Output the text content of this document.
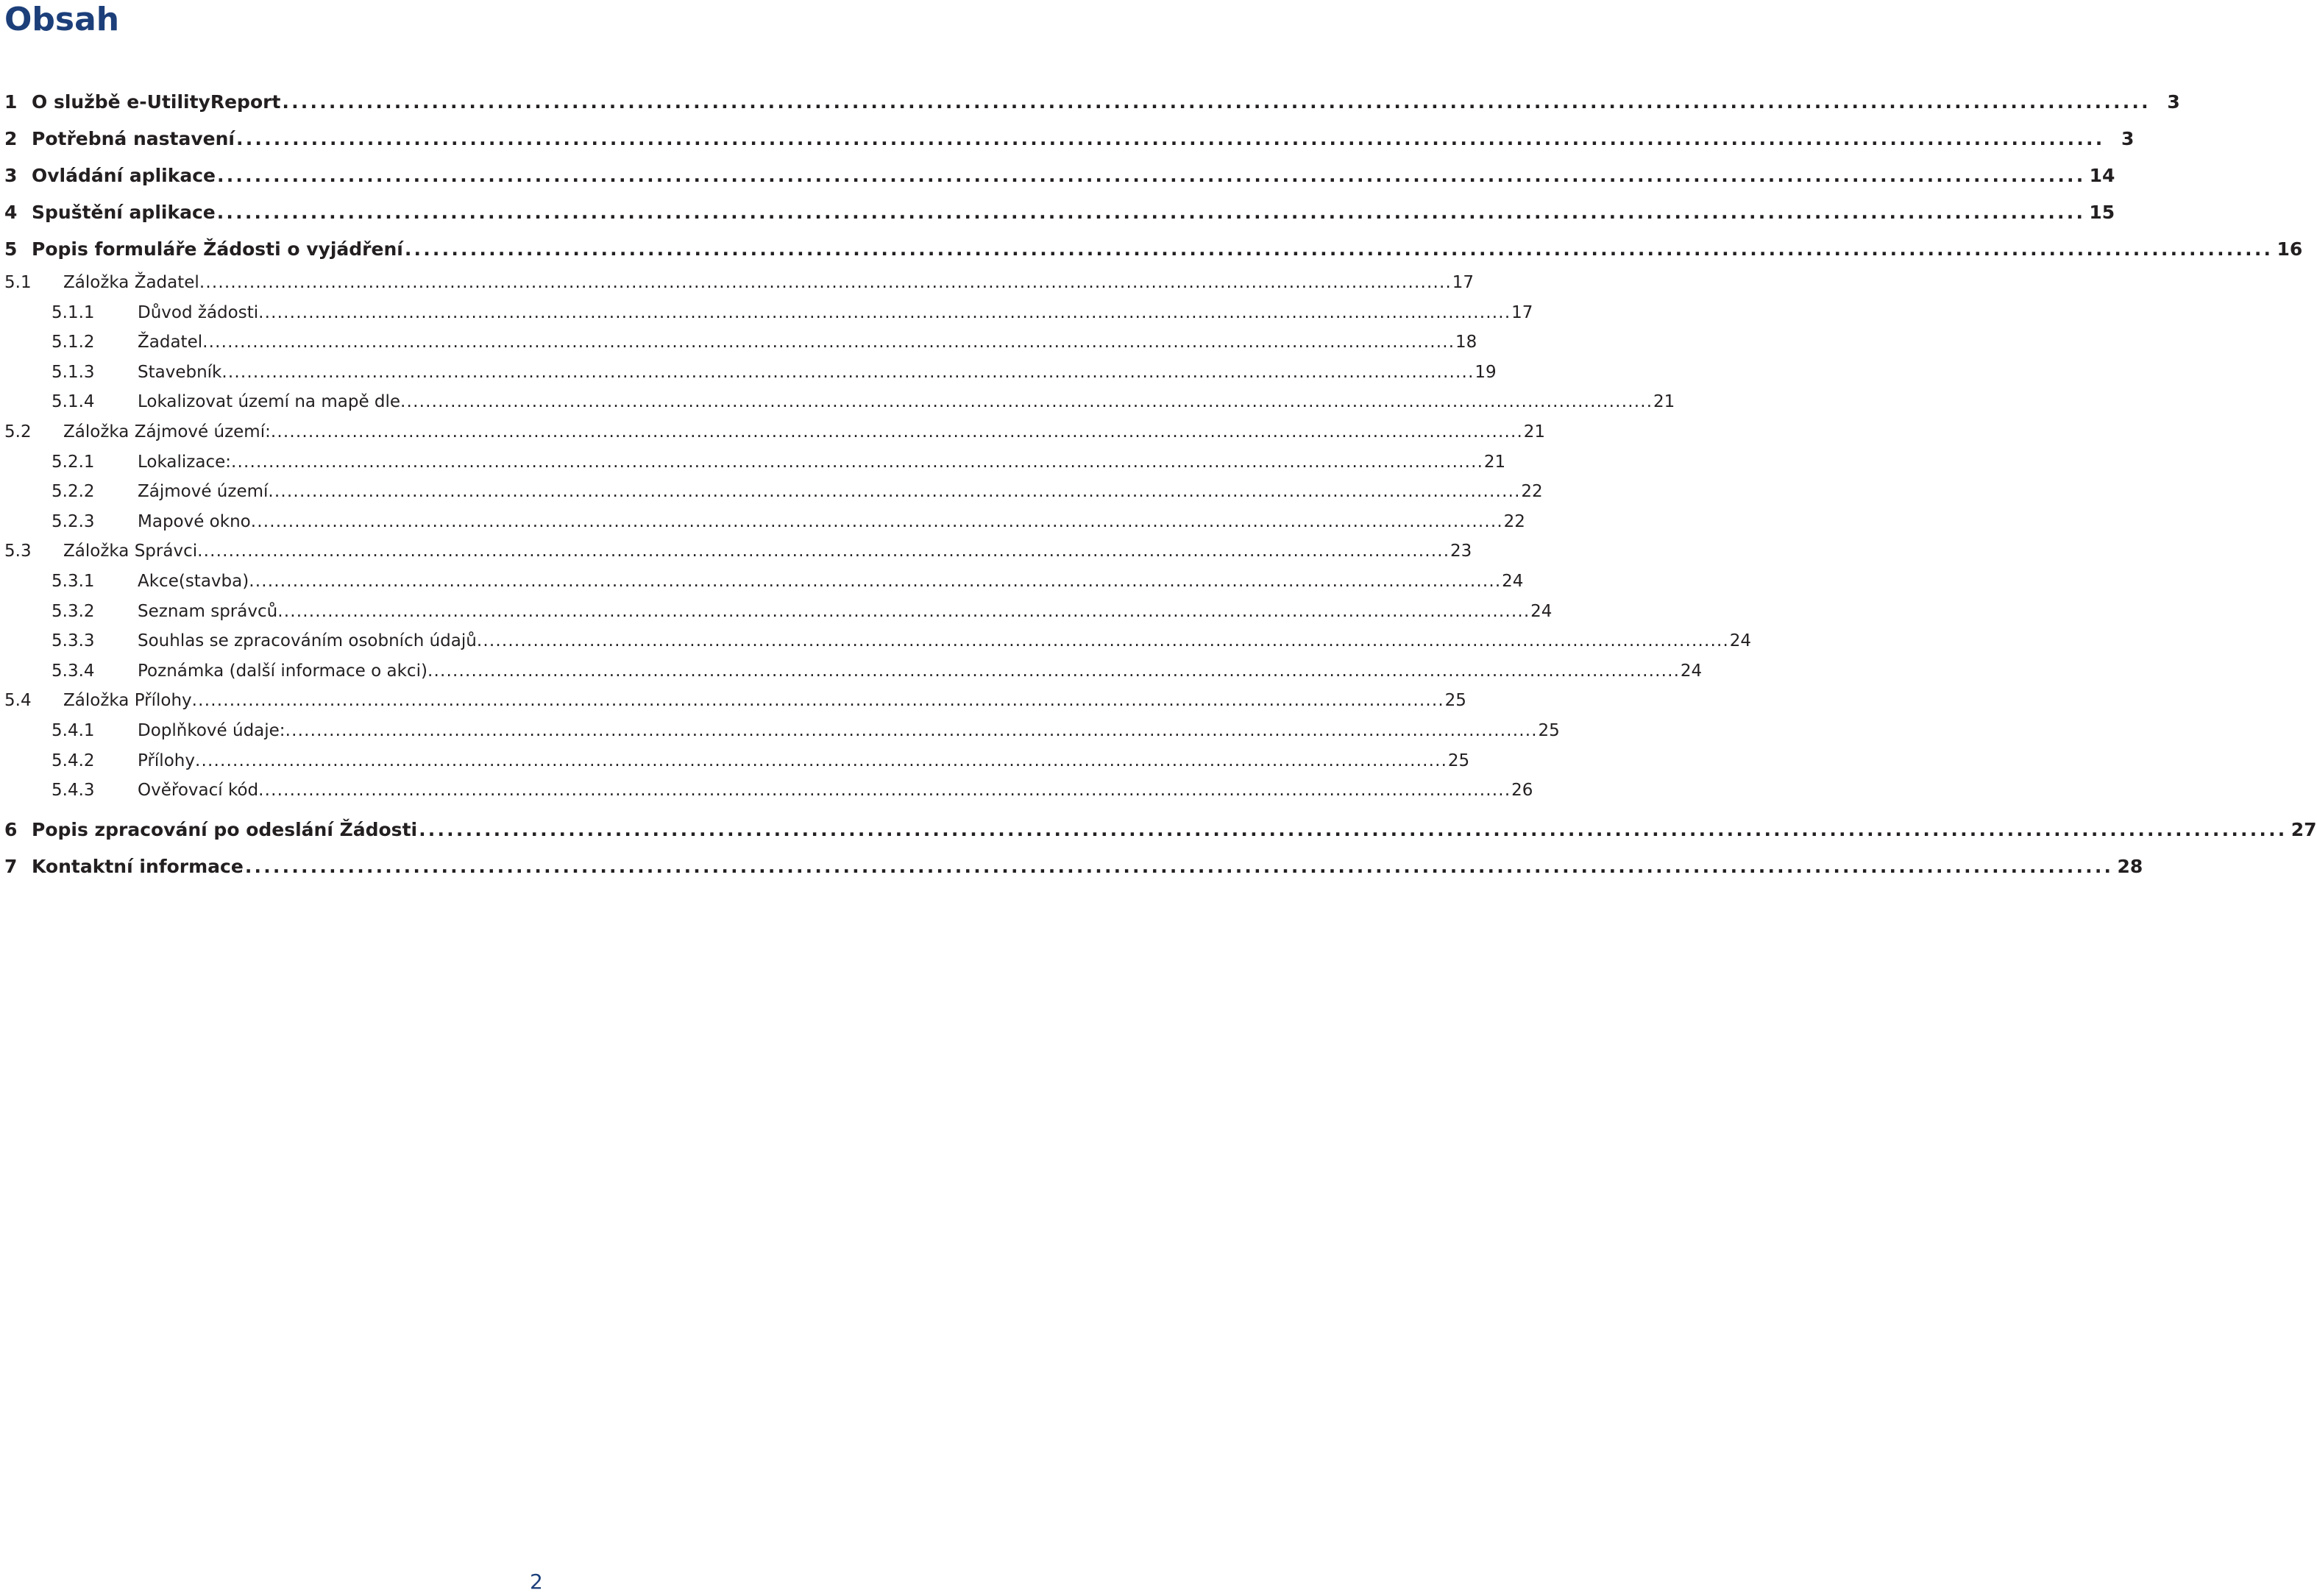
Obsah
1 O službě e-UtilityReport ........................................................................................................................................................................................................ 3
2 Potřebná nastavení ........................................................................................................................................................................................................ 3
3 Ovládání aplikace ........................................................................................................................................................................................................ 14
4 Spuštění aplikace ........................................................................................................................................................................................................ 15
5 Popis formuláře Žádosti o vyjádření ........................................................................................................................................................................................................ 16
5.1	Záložka Žadatel ........................................................................................................................................................................................................ 17
5.1.1	Důvod žádosti ........................................................................................................................................................................................................ 17
5.1.2	Žadatel ........................................................................................................................................................................................................ 18
5.1.3	Stavebník ........................................................................................................................................................................................................ 19
5.1.4	Lokalizovat území na mapě dle ........................................................................................................................................................................................................ 21
5.2	Záložka Zájmové území: ........................................................................................................................................................................................................ 21
5.2.1	Lokalizace: ........................................................................................................................................................................................................ 21
5.2.2	Zájmové území ........................................................................................................................................................................................................ 22
5.2.3	Mapové okno ........................................................................................................................................................................................................ 22
5.3	Záložka Správci ........................................................................................................................................................................................................ 23
5.3.1	Akce(stavba) ........................................................................................................................................................................................................ 24
5.3.2	Seznam správců ........................................................................................................................................................................................................ 24
5.3.3	Souhlas se zpracováním osobních údajů ........................................................................................................................................................................................................ 24
5.3.4	Poznámka (další informace o akci) ........................................................................................................................................................................................................ 24
5.4	Záložka Přílohy ........................................................................................................................................................................................................ 25
5.4.1	Doplňkové údaje: ........................................................................................................................................................................................................ 25
5.4.2	Přílohy ........................................................................................................................................................................................................ 25
5.4.3	Ověřovací kód ........................................................................................................................................................................................................ 26
6 Popis zpracování po odeslání Žádosti ........................................................................................................................................................................................................ 27
7 Kontaktní informace ........................................................................................................................................................................................................ 28
2
